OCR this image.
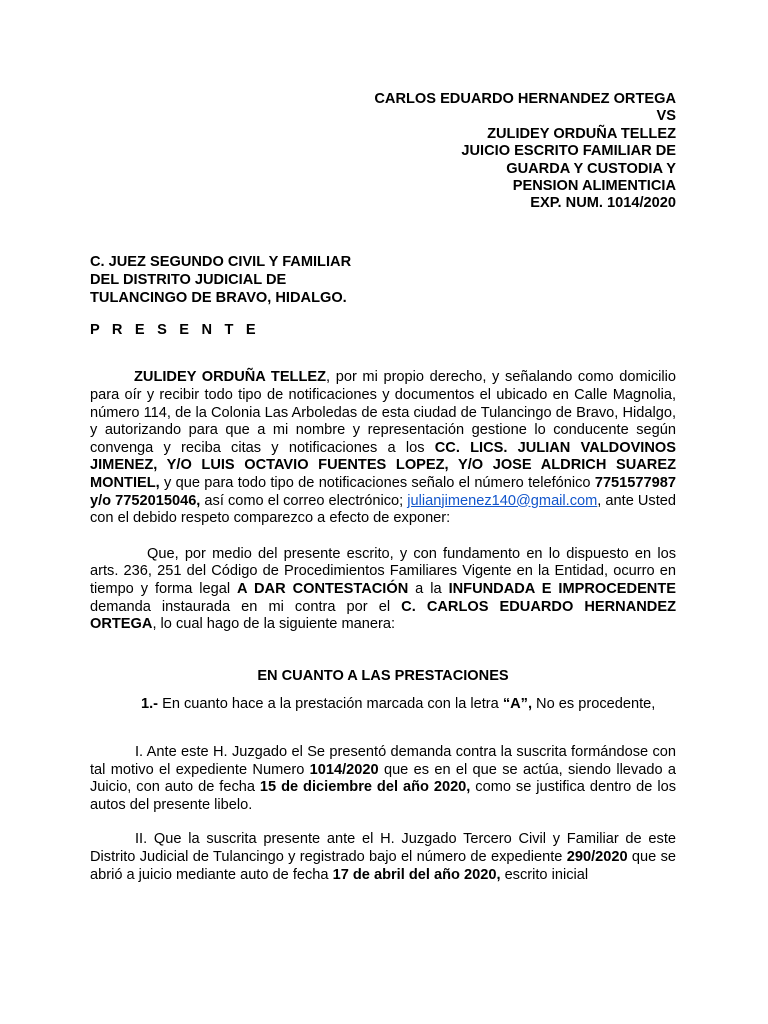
CARLOS EDUARDO HERNANDEZ ORTEGA
VS
ZULIDEY ORDUÑA TELLEZ
JUICIO ESCRITO FAMILIAR DE
GUARDA Y CUSTODIA Y
PENSION ALIMENTICIA
EXP. NUM. 1014/2020
C. JUEZ SEGUNDO CIVIL Y FAMILIAR
DEL DISTRITO JUDICIAL DE
TULANCINGO DE BRAVO, HIDALGO.
P R E S E N T E

ZULIDEY ORDUÑA TELLEZ, por mi propio derecho, y señalando como domicilio para oír y recibir todo tipo de notificaciones y documentos el ubicado en Calle Magnolia, número 114, de la Colonia Las Arboledas de esta ciudad de Tulancingo de Bravo, Hidalgo, y autorizando para que a mi nombre y representación gestione lo conducente según convenga y reciba citas y notificaciones a los CC. LICS. JULIAN VALDOVINOS JIMENEZ, Y/O LUIS OCTAVIO FUENTES LOPEZ, Y/O JOSE ALDRICH SUAREZ MONTIEL, y que para todo tipo de notificaciones señalo el número telefónico 7751577987 y/o 7752015046, así como el correo electrónico; julianjimenez140@gmail.com, ante Usted con el debido respeto comparezco a efecto de exponer:

Que, por medio del presente escrito, y con fundamento en lo dispuesto en los arts. 236, 251 del Código de Procedimientos Familiares Vigente en la Entidad, ocurro en tiempo y forma legal A DAR CONTESTACIÓN a la INFUNDADA E IMPROCEDENTE demanda instaurada en mi contra por el C. CARLOS EDUARDO HERNANDEZ ORTEGA, lo cual hago de la siguiente manera:

EN CUANTO A LAS PRESTACIONES

1.- En cuanto hace a la prestación marcada con la letra “A”, No es procedente,

I. Ante este H. Juzgado el Se presentó demanda contra la suscrita formándose con tal motivo el expediente Numero 1014/2020 que es en el que se actúa, siendo llevado a Juicio, con auto de fecha 15 de diciembre del año 2020, como se justifica dentro de los autos del presente libelo.

II. Que la suscrita presente ante el H. Juzgado Tercero Civil y Familiar de este Distrito Judicial de Tulancingo y registrado bajo el número de expediente 290/2020 que se abrió a juicio mediante auto de fecha 17 de abril del año 2020, escrito inicial
